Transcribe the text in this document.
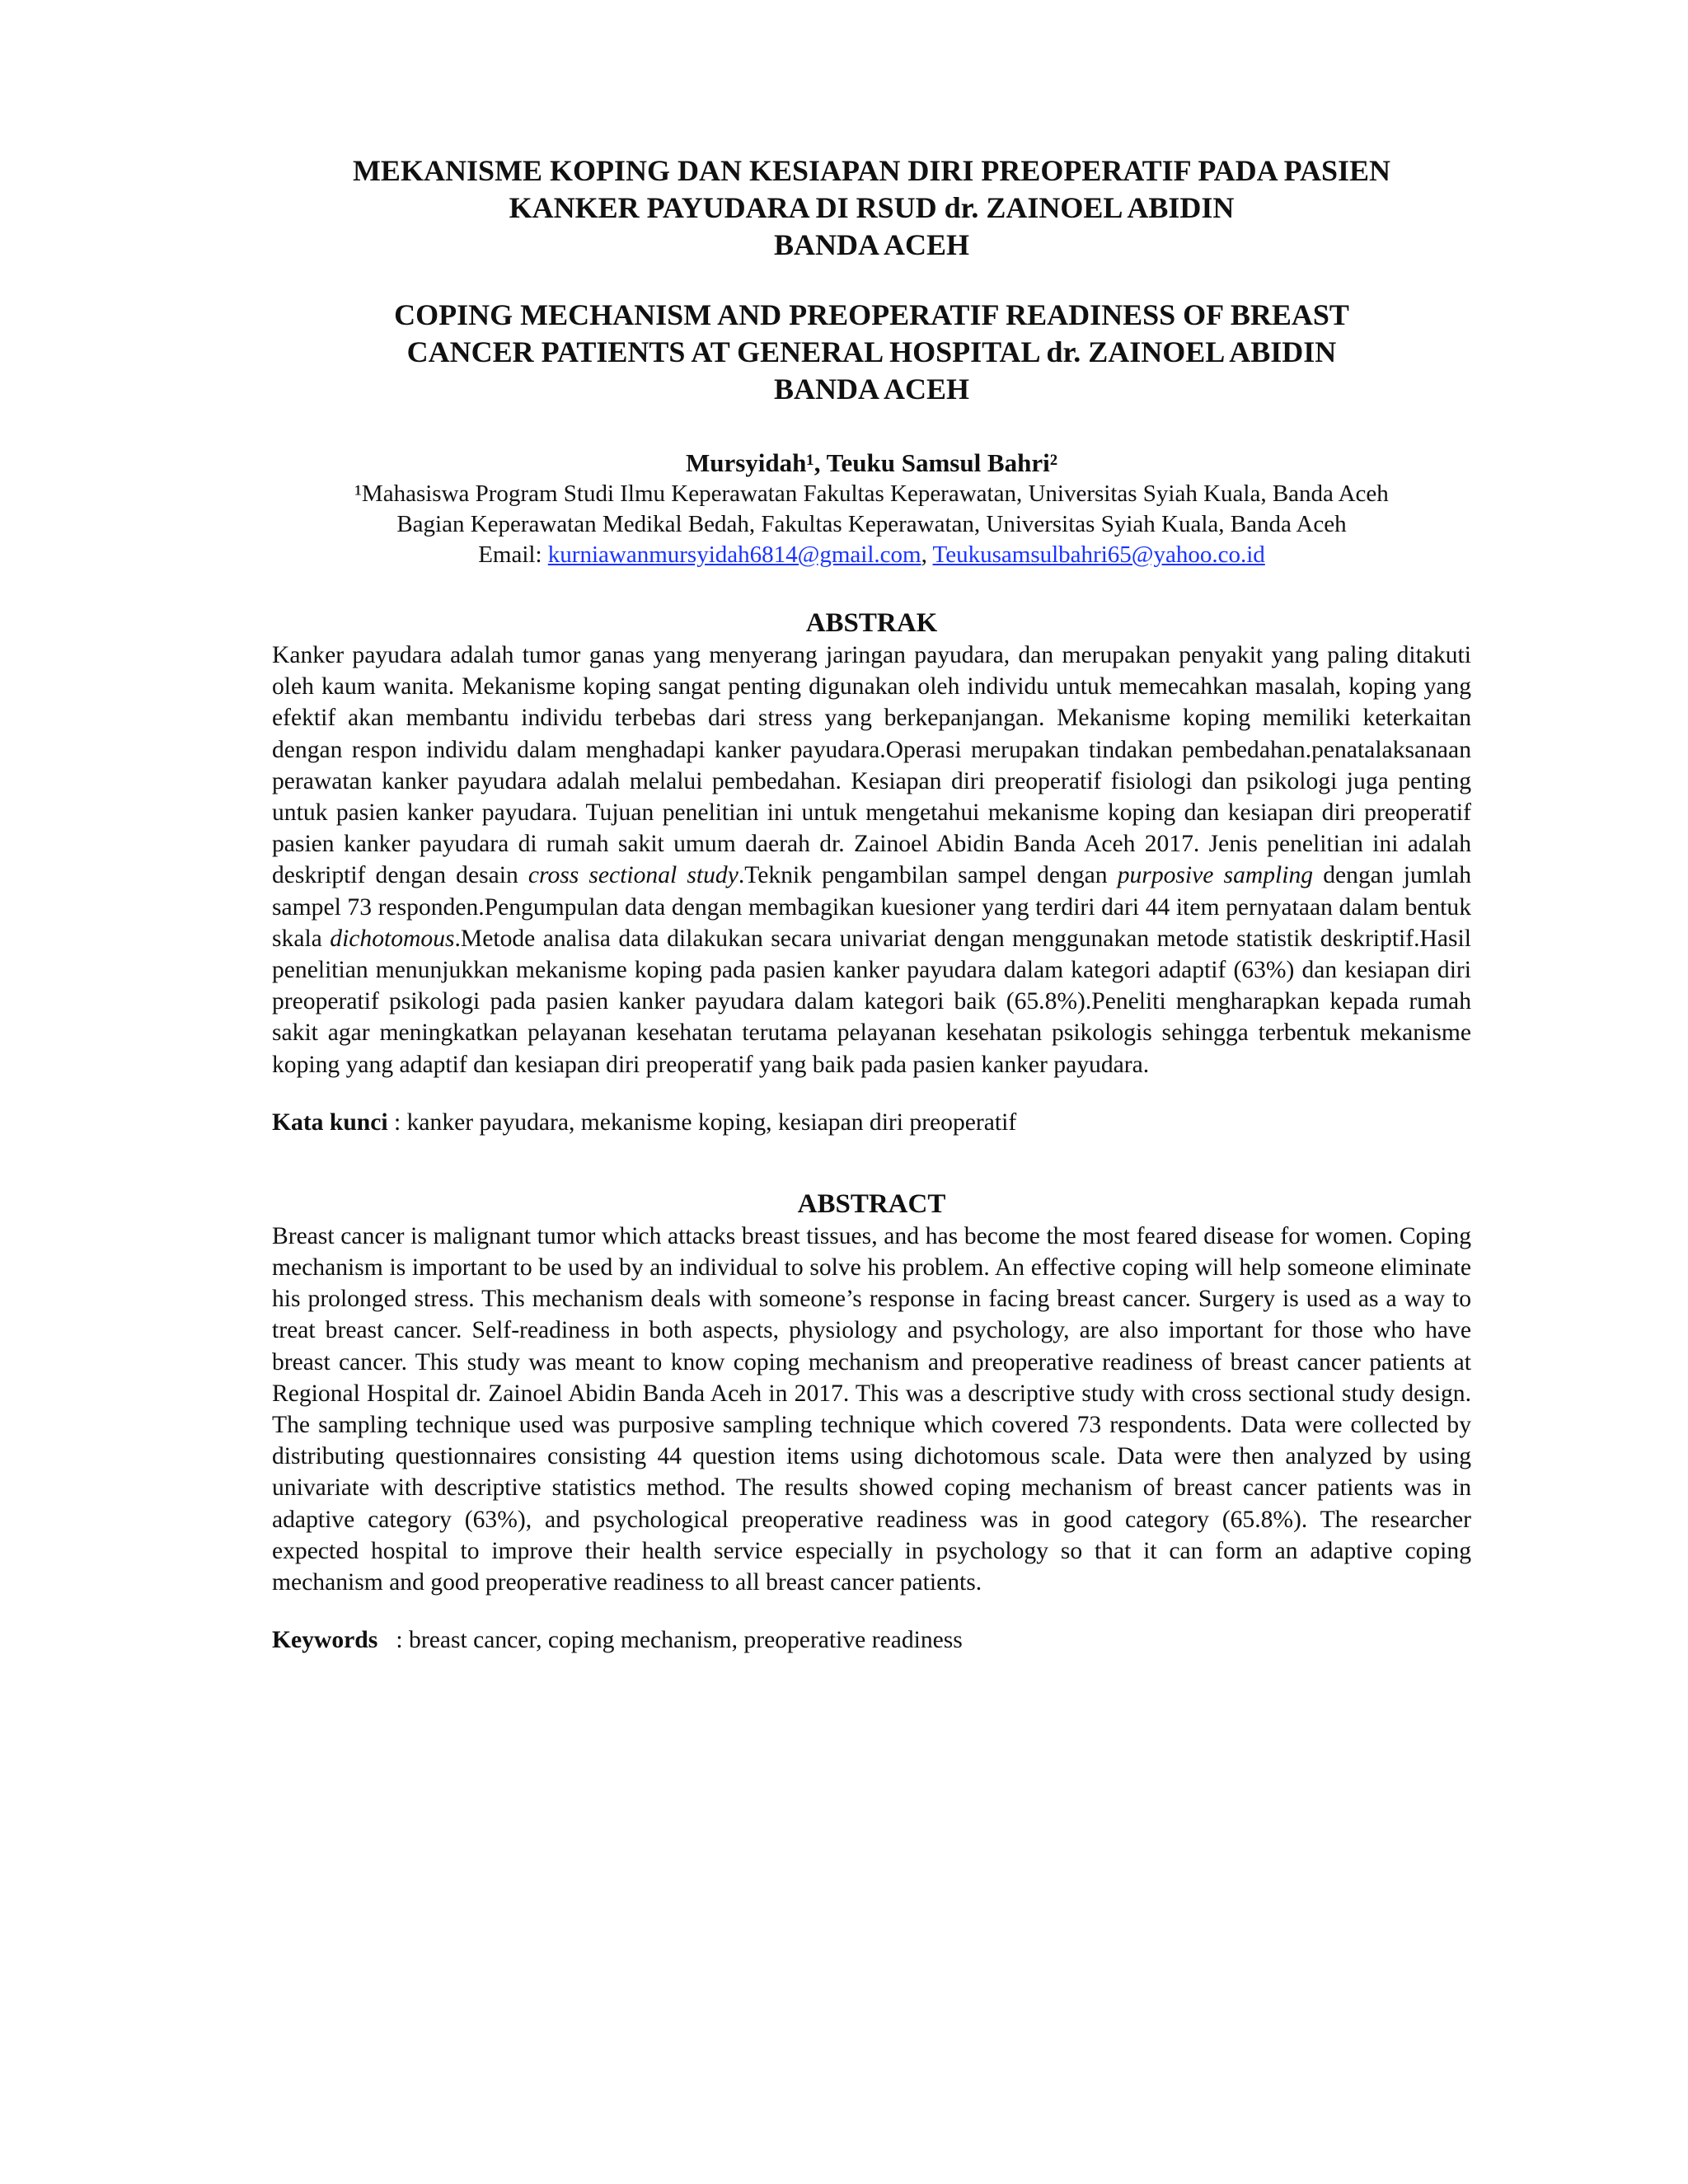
MEKANISME KOPING DAN KESIAPAN DIRI PREOPERATIF PADA PASIEN
KANKER PAYUDARA DI RSUD dr. ZAINOEL ABIDIN
BANDA ACEH
COPING MECHANISM AND PREOPERATIF READINESS OF BREAST
CANCER PATIENTS AT GENERAL HOSPITAL dr. ZAINOEL ABIDIN
BANDA ACEH
Mursyidah¹, Teuku Samsul Bahri²
¹Mahasiswa Program Studi Ilmu Keperawatan Fakultas Keperawatan, Universitas Syiah Kuala, Banda Aceh
Bagian Keperawatan Medikal Bedah, Fakultas Keperawatan, Universitas Syiah Kuala, Banda Aceh
Email: kurniawanmursyidah6814@gmail.com, Teukusamsulbahri65@yahoo.co.id
ABSTRAK

Kanker payudara adalah tumor ganas yang menyerang jaringan payudara, dan merupakan penyakit yang paling ditakuti oleh kaum wanita. Mekanisme koping sangat penting digunakan oleh individu untuk memecahkan masalah, koping yang efektif akan membantu individu terbebas dari stress yang berkepanjangan. Mekanisme koping memiliki keterkaitan dengan respon individu dalam menghadapi kanker payudara.Operasi merupakan tindakan pembedahan.penatalaksanaan perawatan kanker payudara adalah melalui pembedahan. Kesiapan diri preoperatif fisiologi dan psikologi juga penting untuk pasien kanker payudara. Tujuan penelitian ini untuk mengetahui mekanisme koping dan kesiapan diri preoperatif pasien kanker payudara di rumah sakit umum daerah dr. Zainoel Abidin Banda Aceh 2017. Jenis penelitian ini adalah deskriptif dengan desain cross sectional study.Teknik pengambilan sampel dengan purposive sampling dengan jumlah sampel 73 responden.Pengumpulan data dengan membagikan kuesioner yang terdiri dari 44 item pernyataan dalam bentuk skala dichotomous.Metode analisa data dilakukan secara univariat dengan menggunakan metode statistik deskriptif.Hasil penelitian menunjukkan mekanisme koping pada pasien kanker payudara dalam kategori adaptif (63%) dan kesiapan diri preoperatif psikologi pada pasien kanker payudara dalam kategori baik (65.8%).Peneliti mengharapkan kepada rumah sakit agar meningkatkan pelayanan kesehatan terutama pelayanan kesehatan psikologis sehingga terbentuk mekanisme koping yang adaptif dan kesiapan diri preoperatif yang baik pada pasien kanker payudara.

Kata kunci : kanker payudara, mekanisme koping, kesiapan diri preoperatif
ABSTRACT

Breast cancer is malignant tumor which attacks breast tissues, and has become the most feared disease for women. Coping mechanism is important to be used by an individual to solve his problem. An effective coping will help someone eliminate his prolonged stress. This mechanism deals with someone’s response in facing breast cancer. Surgery is used as a way to treat breast cancer. Self-readiness in both aspects, physiology and psychology, are also important for those who have breast cancer. This study was meant to know coping mechanism and preoperative readiness of breast cancer patients at Regional Hospital dr. Zainoel Abidin Banda Aceh in 2017. This was a descriptive study with cross sectional study design. The sampling technique used was purposive sampling technique which covered 73 respondents. Data were collected by distributing questionnaires consisting 44 question items using dichotomous scale. Data were then analyzed by using univariate with descriptive statistics method. The results showed coping mechanism of breast cancer patients was in adaptive category (63%), and psychological preoperative readiness was in good category (65.8%). The researcher expected hospital to improve their health service especially in psychology so that it can form an adaptive coping mechanism and good preoperative readiness to all breast cancer patients.

Keywords   : breast cancer, coping mechanism, preoperative readiness
